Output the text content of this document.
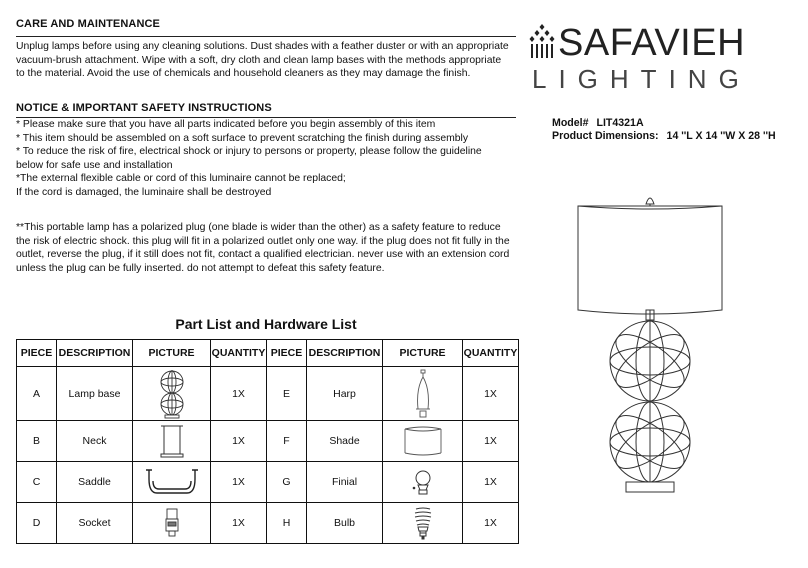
CARE AND MAINTENANCE
Unplug lamps before using any cleaning solutions. Dust shades with a feather duster or with an appropriate
vacuum-brush attachment. Wipe with a soft, dry cloth and clean lamp bases with the methods appropriate
to the material. Avoid the use of chemicals and household cleaners as they may damage the finish.
NOTICE & IMPORTANT SAFETY INSTRUCTIONS
* Please make sure that you have all parts indicated before you begin assembly of this item
* This item should be assembled on a soft surface to prevent scratching the finish during assembly
* To reduce the risk of fire, electrical shock or injury to persons or property, please follow the guideline
below for safe use and installation
*The external flexible cable or cord of this luminaire cannot be replaced;
If the cord is damaged, the luminaire shall be destroyed
**This portable lamp has a polarized plug (one blade is wider than the other) as a safety feature to reduce
the risk of electric shock. this plug will fit in a polarized outlet only one way. if the plug does not fit fully in the
outlet, reverse the plug, if it still does not fit, contact a qualified electrician. never use with an extension cord
unless the plug can be fully inserted. do not attempt to defeat this safety feature.
SAFAVIEH
LIGHTING
Model# LIT4321A
Product Dimensions: 14 ''L X 14 ''W X 28 ''H
Part List and Hardware List
PIECE	DESCRIPTION	PICTURE	QUANTITY	PIECE	DESCRIPTION	PICTURE	QUANTITY
A	Lamp base		1X	E	Harp		1X
B	Neck		1X	F	Shade		1X
C	Saddle		1X	G	Finial		1X
D	Socket		1X	H	Bulb		1X
